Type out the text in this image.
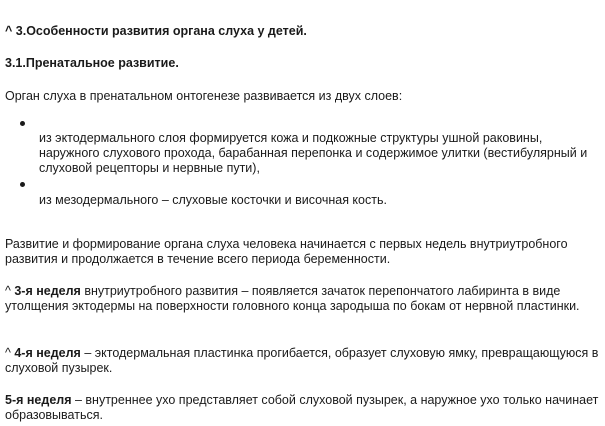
^ 3.Особенности развития органа слуха у детей.
3.1.Пренатальное развитие.

Орган слуха в пренатальном онтогенезе развивается из двух слоев:

из эктодермального слоя формируется кожа и подкожные структуры ушной раковины, наружного слухового прохода, барабанная перепонка и содержимое улитки (вестибулярный и слуховой рецепторы и нервные пути),

из мезодермального – слуховые косточки и височная кость.

Развитие и формирование органа слуха человека начинается с первых недель внутриутробного развития и продолжается в течение всего периода беременности.

^ 3-я неделя внутриутробного развития – появляется зачаток перепончатого лабиринта в виде утолщения эктодермы на поверхности головного конца зародыша по бокам от нервной пластинки.

^ 4-я неделя – эктодермальная пластинка прогибается, образует слуховую ямку, превращающуюся в слуховой пузырек.

5-я неделя – внутреннее ухо представляет собой слуховой пузырек, а наружное ухо только начинает образовываться.
